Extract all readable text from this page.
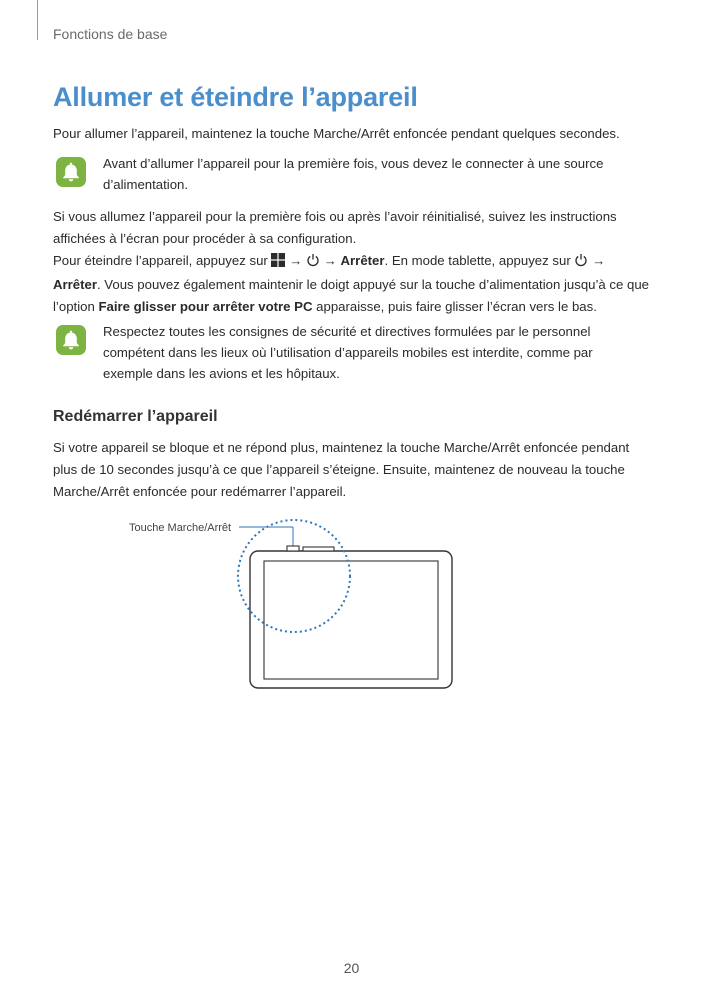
Fonctions de base
Allumer et éteindre l’appareil

Pour allumer l’appareil, maintenez la touche Marche/Arrêt enfoncée pendant quelques secondes.

Avant d’allumer l’appareil pour la première fois, vous devez le connecter à une source d’alimentation.

Si vous allumez l’appareil pour la première fois ou après l’avoir réinitialisé, suivez les instructions affichées à l’écran pour procéder à sa configuration.

Pour éteindre l’appareil, appuyez sur → → Arrêter. En mode tablette, appuyez sur → Arrêter. Vous pouvez également maintenir le doigt appuyé sur la touche d’alimentation jusqu’à ce que l’option Faire glisser pour arrêter votre PC apparaisse, puis faire glisser l’écran vers le bas.

Respectez toutes les consignes de sécurité et directives formulées par le personnel compétent dans les lieux où l’utilisation d’appareils mobiles est interdite, comme par exemple dans les avions et les hôpitaux.

Redémarrer l’appareil

Si votre appareil se bloque et ne répond plus, maintenez la touche Marche/Arrêt enfoncée pendant plus de 10 secondes jusqu’à ce que l’appareil s’éteigne. Ensuite, maintenez de nouveau la touche Marche/Arrêt enfoncée pour redémarrer l’appareil.

Touche Marche/Arrêt
20
